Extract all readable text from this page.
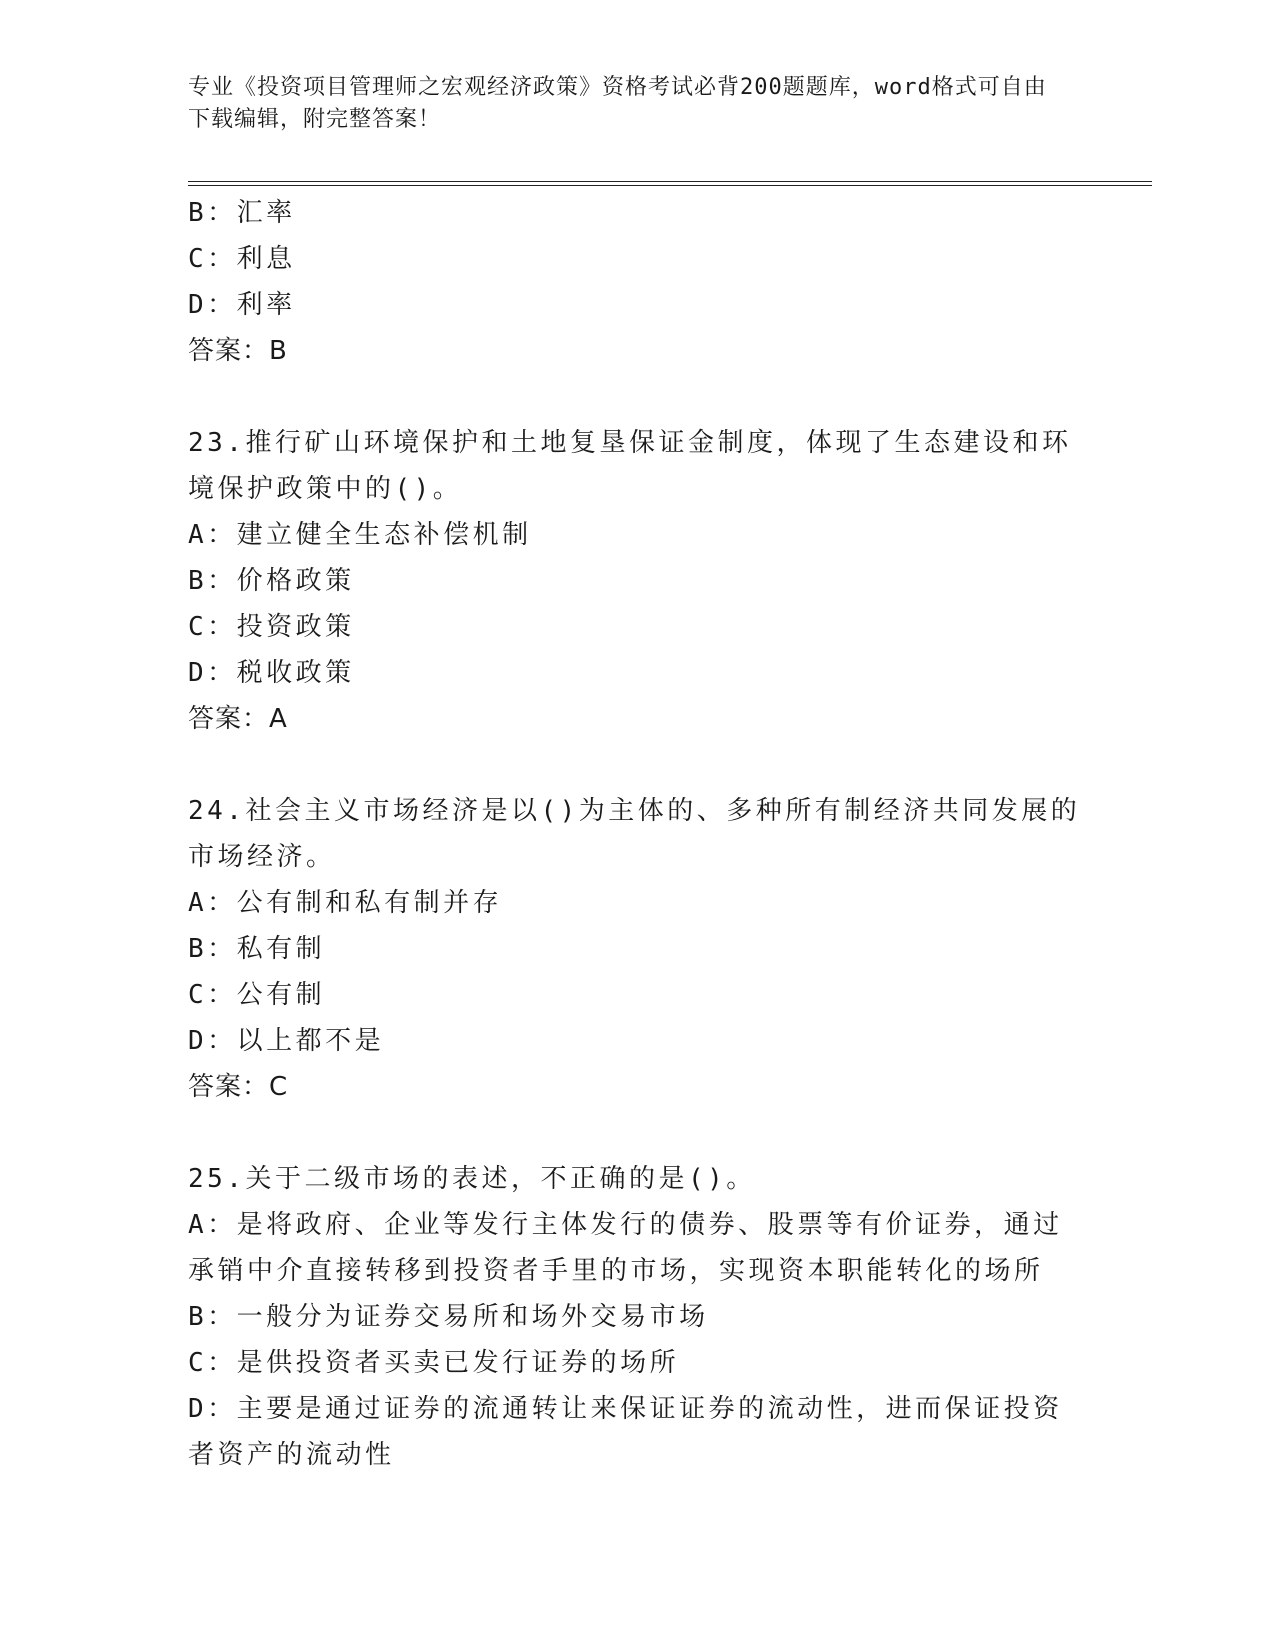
专业《投资项目管理师之宏观经济政策》资格考试必背200题题库，word格式可自由下载编辑，附完整答案！
B：汇率
C：利息
D：利率
答案：B
23.推行矿山环境保护和土地复垦保证金制度，体现了生态建设和环境保护政策中的()。
A：建立健全生态补偿机制
B：价格政策
C：投资政策
D：税收政策
答案：A
24.社会主义市场经济是以()为主体的、多种所有制经济共同发展的市场经济。
A：公有制和私有制并存
B：私有制
C：公有制
D：以上都不是
答案：C
25.关于二级市场的表述，不正确的是()。
A：是将政府、企业等发行主体发行的债券、股票等有价证券，通过承销中介直接转移到投资者手里的市场，实现资本职能转化的场所
B：一般分为证券交易所和场外交易市场
C：是供投资者买卖已发行证券的场所
D：主要是通过证券的流通转让来保证证券的流动性，进而保证投资者资产的流动性
